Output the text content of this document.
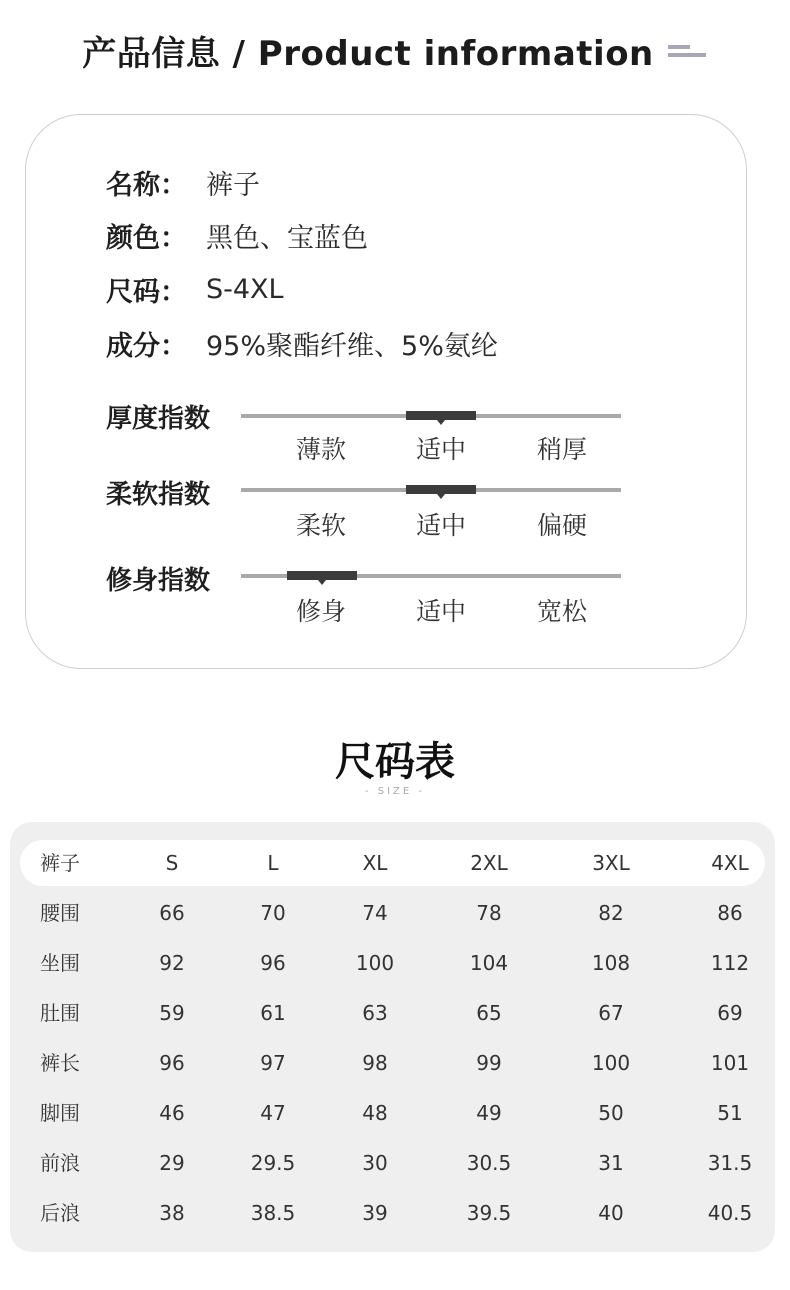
产品信息 / Product information
名称： 裤子
颜色： 黑色、宝蓝色
尺码： S-4XL
成分： 95%聚酯纤维、5%氨纶
厚度指数
薄款	适中	稍厚
柔软指数
柔软	适中	偏硬
修身指数
修身	适中	宽松
尺码表
- SIZE -
裤子	S	L	XL	2XL	3XL	4XL
腰围	66	70	74	78	82	86
坐围	92	96	100	104	108	112
肚围	59	61	63	65	67	69
裤长	96	97	98	99	100	101
脚围	46	47	48	49	50	51
前浪	29	29.5	30	30.5	31	31.5
后浪	38	38.5	39	39.5	40	40.5
